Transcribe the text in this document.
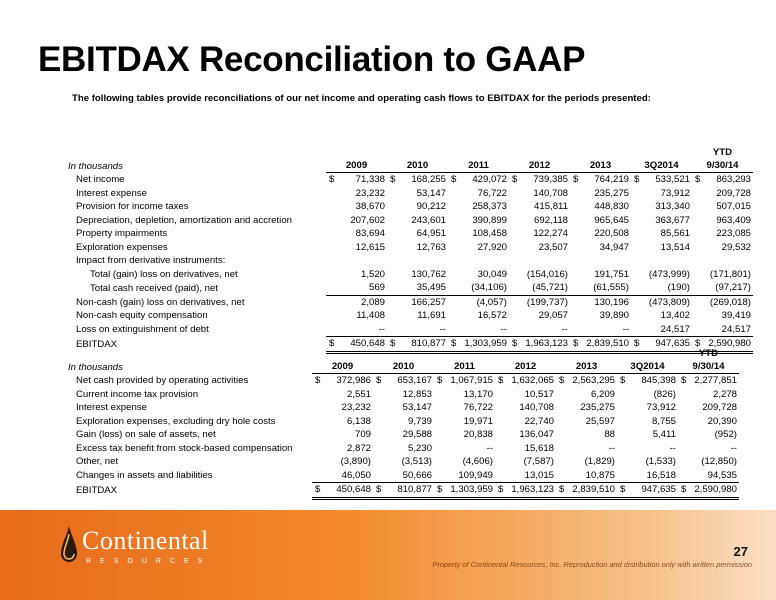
EBITDAX Reconciliation to GAAP
The following tables provide reconciliations of our net income and operating cash flows to EBITDAX for the periods presented:
							YTD
In thousands	2009	2010	2011	2012	2013	3Q2014	9/30/14
Net income	$ 71,338	$ 168,255	$ 429,072	$ 739,385	$ 764,219	$ 533,521	$ 863,293
Interest expense	23,232	53,147	76,722	140,708	235,275	73,912	209,728
Provision for income taxes	38,670	90,212	258,373	415,811	448,830	313,340	507,015
Depreciation, depletion, amortization and accretion	207,602	243,601	390,899	692,118	965,645	363,677	963,409
Property impairments	83,694	64,951	108,458	122,274	220,508	85,561	223,085
Exploration expenses	12,615	12,763	27,920	23,507	34,947	13,514	29,532
Impact from derivative instruments:							
Total (gain) loss on derivatives, net	1,520	130,762	30,049	(154,016)	191,751	(473,999)	(171,801)
Total cash received (paid), net	569	35,495	(34,106)	(45,721)	(61,555)	(190)	(97,217)
Non-cash (gain) loss on derivatives, net	2,089	166,257	(4,057)	(199,737)	130,196	(473,809)	(269,018)
Non-cash equity compensation	11,408	11,691	16,572	29,057	39,890	13,402	39,419
Loss on extinguishment of debt	--	--	--	--	--	24,517	24,517
EBITDAX	$ 450,648	$ 810,877	$ 1,303,959	$ 1,963,123	$ 2,839,510	$ 947,635	$ 2,590,980
							YTD
In thousands	2009	2010	2011	2012	2013	3Q2014	9/30/14
Net cash provided by operating activities	$ 372,986	$ 653,167	$ 1,067,915	$ 1,632,065	$ 2,563,295	$ 845,398	$ 2,277,851
Current income tax provision	2,551	12,853	13,170	10,517	6,209	(826)	2,278
Interest expense	23,232	53,147	76,722	140,708	235,275	73,912	209,728
Exploration expenses, excluding dry hole costs	6,138	9,739	19,971	22,740	25,597	8,755	20,390
Gain (loss) on sale of assets, net	709	29,588	20,838	136,047	88	5,411	(952)
Excess tax benefit from stock-based compensation	2,872	5,230	--	15,618	--	--	--
Other, net	(3,890)	(3,513)	(4,606)	(7,587)	(1,829)	(1,533)	(12,850)
Changes in assets and liabilities	46,050	50,666	109,949	13,015	10,875	16,518	94,535
EBITDAX	$ 450,648	$ 810,877	$ 1,303,959	$ 1,963,123	$ 2,839,510	$ 947,635	$ 2,590,980
Continental
RESOURCES
27
Property of Continental Resources, Inc. Reproduction and distribution only with written permission
